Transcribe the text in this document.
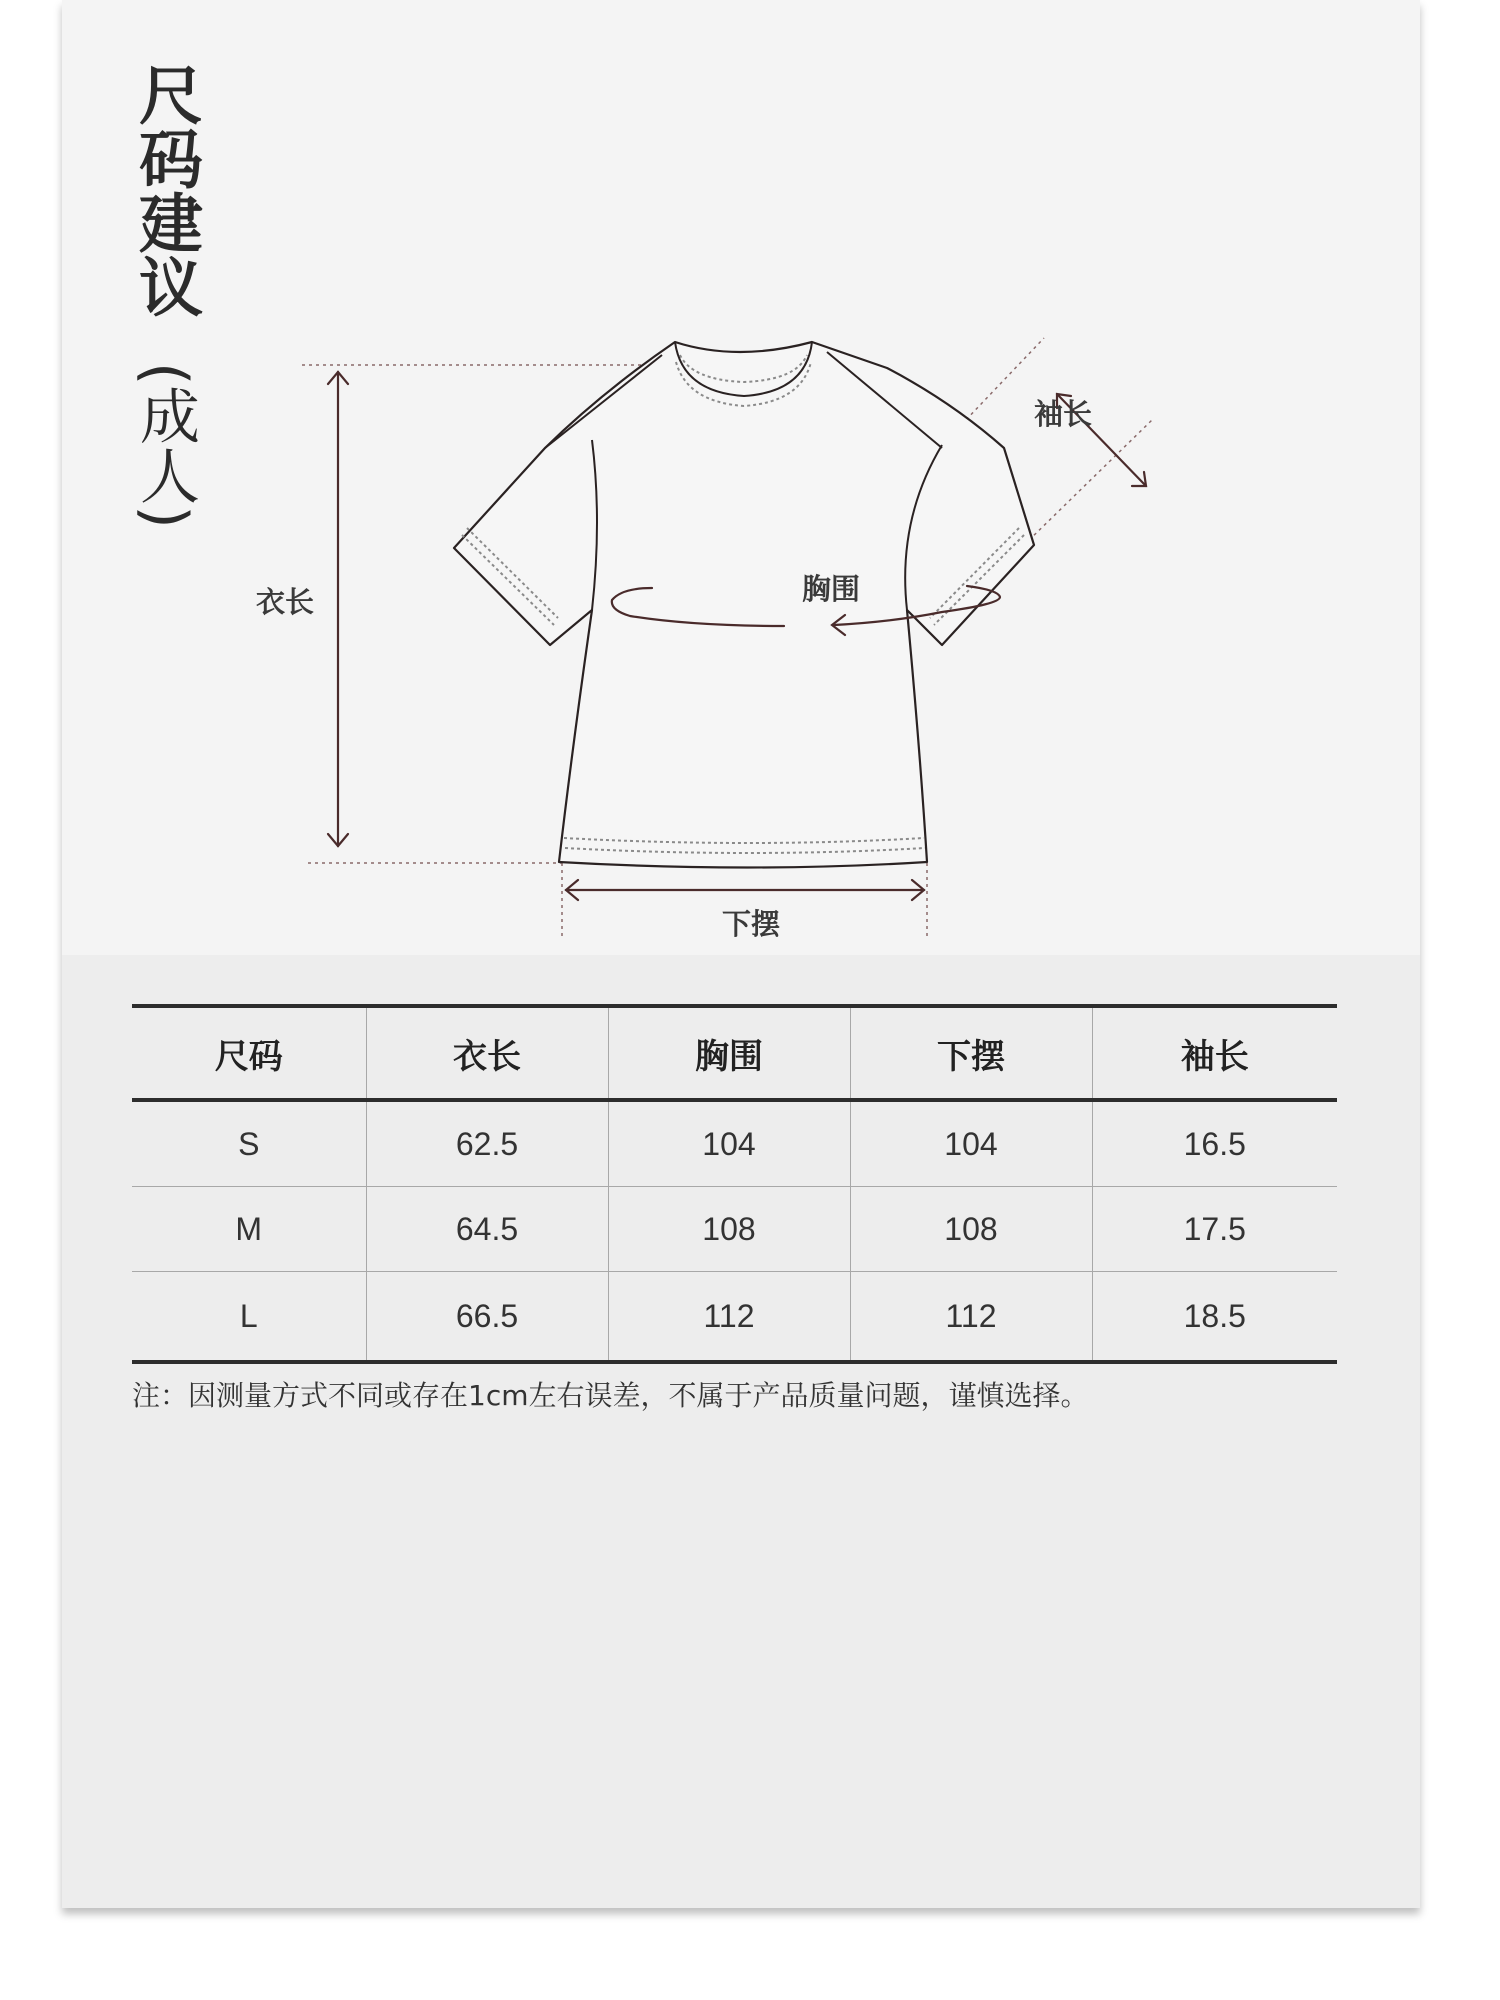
尺码建议
(成人)
衣长	胸围
下摆
袖长
尺码	衣长	胸围	下摆	袖长
S	62.5	104	104	16.5
M	64.5	108	108	17.5
L	66.5	112	112	18.5
注：因测量方式不同或存在1cm左右误差，不属于产品质量问题，谨慎选择。
